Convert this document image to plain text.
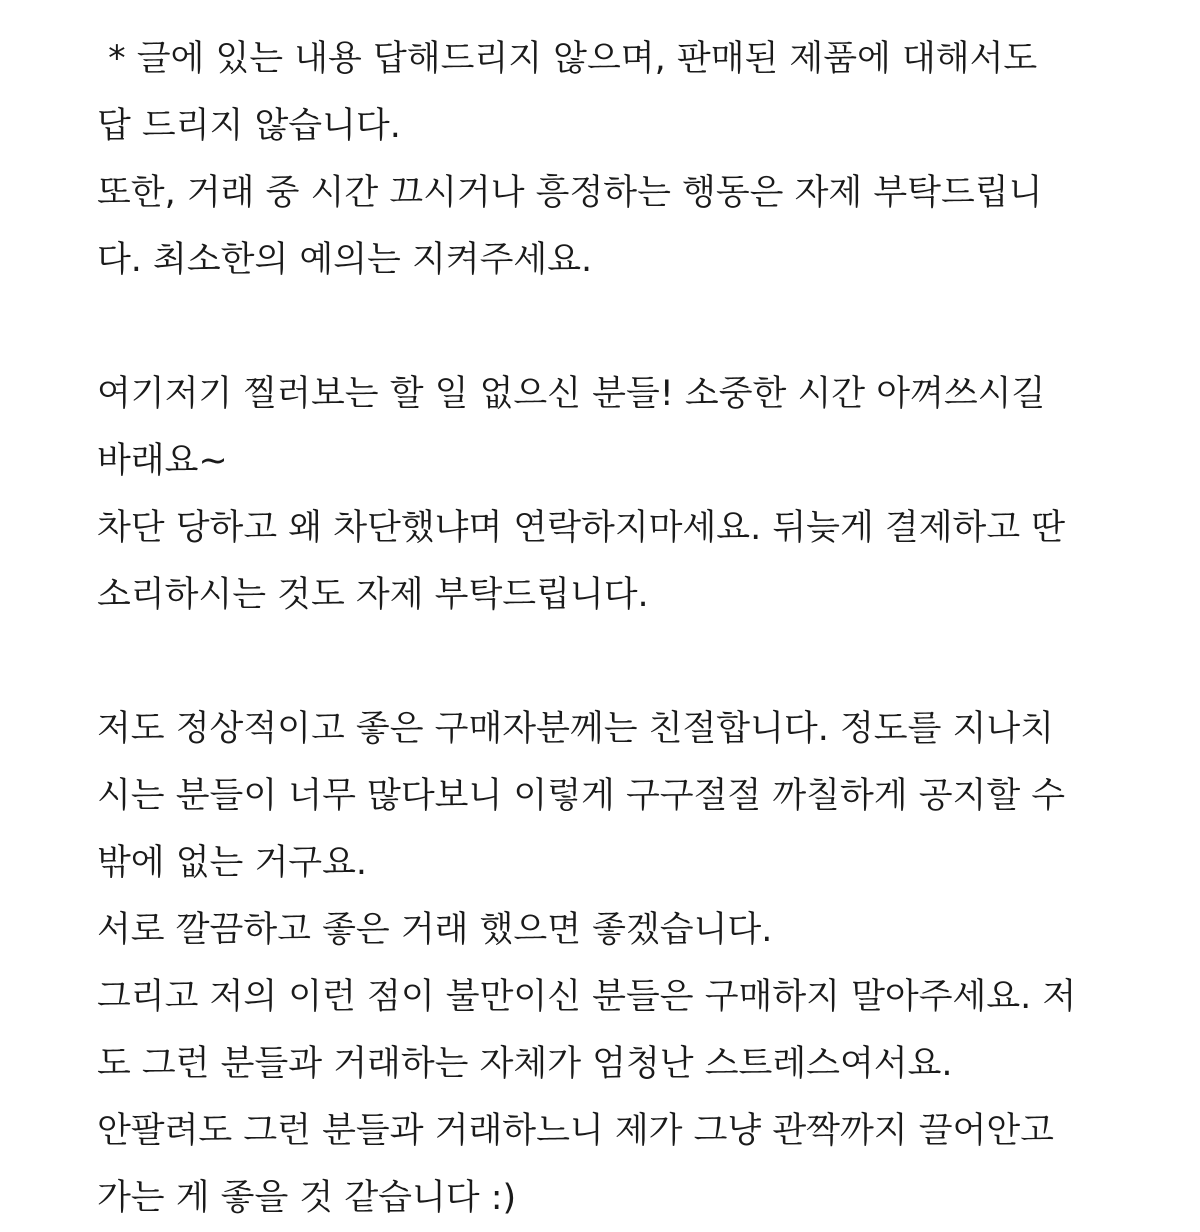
* 글에 있는 내용 답해드리지 않으며, 판매된 제품에 대해서도
답 드리지 않습니다.
또한, 거래 중 시간 끄시거나 흥정하는 행동은 자제 부탁드립니
다. 최소한의 예의는 지켜주세요.
여기저기 찔러보는 할 일 없으신 분들! 소중한 시간 아껴쓰시길
바래요~
차단 당하고 왜 차단했냐며 연락하지마세요. 뒤늦게 결제하고 딴
소리하시는 것도 자제 부탁드립니다.
저도 정상적이고 좋은 구매자분께는 친절합니다. 정도를 지나치
시는 분들이 너무 많다보니 이렇게 구구절절 까칠하게 공지할 수
밖에 없는 거구요.
서로 깔끔하고 좋은 거래 했으면 좋겠습니다.
그리고 저의 이런 점이 불만이신 분들은 구매하지 말아주세요. 저
도 그런 분들과 거래하는 자체가 엄청난 스트레스여서요.
안팔려도 그런 분들과 거래하느니 제가 그냥 관짝까지 끌어안고
가는 게 좋을 것 같습니다 :)
